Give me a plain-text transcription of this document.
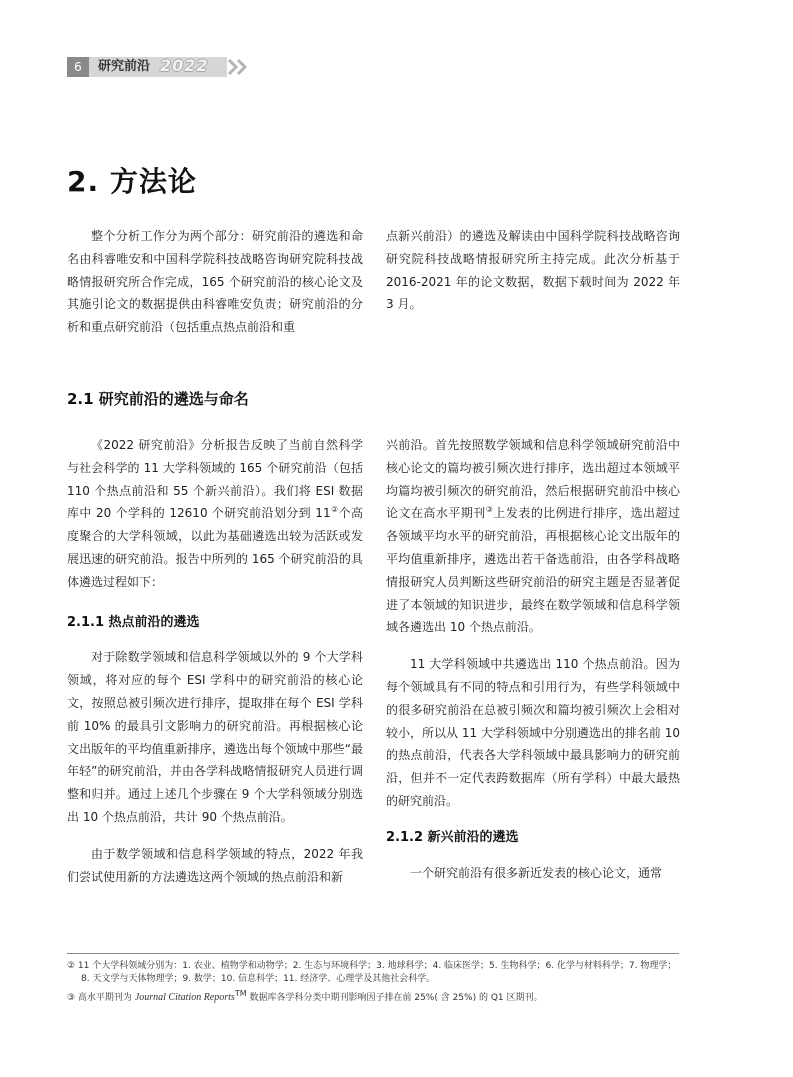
6	研究前沿 2022
2. 方法论

整个分析工作分为两个部分：研究前沿的遴选和命名由科睿唯安和中国科学院科技战略咨询研究院科技战略情报研究所合作完成，165 个研究前沿的核心论文及其施引论文的数据提供由科睿唯安负责；研究前沿的分析和重点研究前沿（包括重点热点前沿和重

点新兴前沿）的遴选及解读由中国科学院科技战略咨询研究院科技战略情报研究所主持完成。此次分析基于 2016-2021 年的论文数据，数据下载时间为 2022 年 3 月。

2.1 研究前沿的遴选与命名

《2022 研究前沿》分析报告反映了当前自然科学与社会科学的 11 大学科领域的 165 个研究前沿（包括 110 个热点前沿和 55 个新兴前沿）。我们将 ESI 数据库中 20 个学科的 12610 个研究前沿划分到 11②个高度聚合的大学科领域，以此为基础遴选出较为活跃或发展迅速的研究前沿。报告中所列的 165 个研究前沿的具体遴选过程如下：

2.1.1 热点前沿的遴选

对于除数学领域和信息科学领域以外的 9 个大学科领域，将对应的每个 ESI 学科中的研究前沿的核心论文，按照总被引频次进行排序，提取排在每个 ESI 学科前 10% 的最具引文影响力的研究前沿。再根据核心论文出版年的平均值重新排序，遴选出每个领域中那些“最年轻”的研究前沿，并由各学科战略情报研究人员进行调整和归并。通过上述几个步骤在 9 个大学科领域分别选出 10 个热点前沿，共计 90 个热点前沿。

由于数学领域和信息科学领域的特点，2022 年我们尝试使用新的方法遴选这两个领域的热点前沿和新

兴前沿。首先按照数学领域和信息科学领域研究前沿中核心论文的篇均被引频次进行排序，选出超过本领域平均篇均被引频次的研究前沿，然后根据研究前沿中核心论文在高水平期刊③上发表的比例进行排序，选出超过各领域平均水平的研究前沿，再根据核心论文出版年的平均值重新排序，遴选出若干备选前沿，由各学科战略情报研究人员判断这些研究前沿的研究主题是否显著促进了本领域的知识进步，最终在数学领域和信息科学领域各遴选出 10 个热点前沿。

11 大学科领域中共遴选出 110 个热点前沿。因为每个领域具有不同的特点和引用行为，有些学科领域中的很多研究前沿在总被引频次和篇均被引频次上会相对较小，所以从 11 大学科领域中分别遴选出的排名前 10 的热点前沿，代表各大学科领域中最具影响力的研究前沿，但并不一定代表跨数据库（所有学科）中最大最热的研究前沿。

2.1.2 新兴前沿的遴选

一个研究前沿有很多新近发表的核心论文，通常

② 11 个大学科领域分别为：1. 农业、植物学和动物学；2. 生态与环境科学；3. 地球科学；4. 临床医学；5. 生物科学；6. 化学与材料科学；7. 物理学；
8. 天文学与天体物理学；9. 数学；10. 信息科学；11. 经济学、心理学及其他社会科学。

③ 高水平期刊为 Journal Citation Reports™ 数据库各学科分类中期刊影响因子排在前 25%( 含 25%) 的 Q1 区期刊。
